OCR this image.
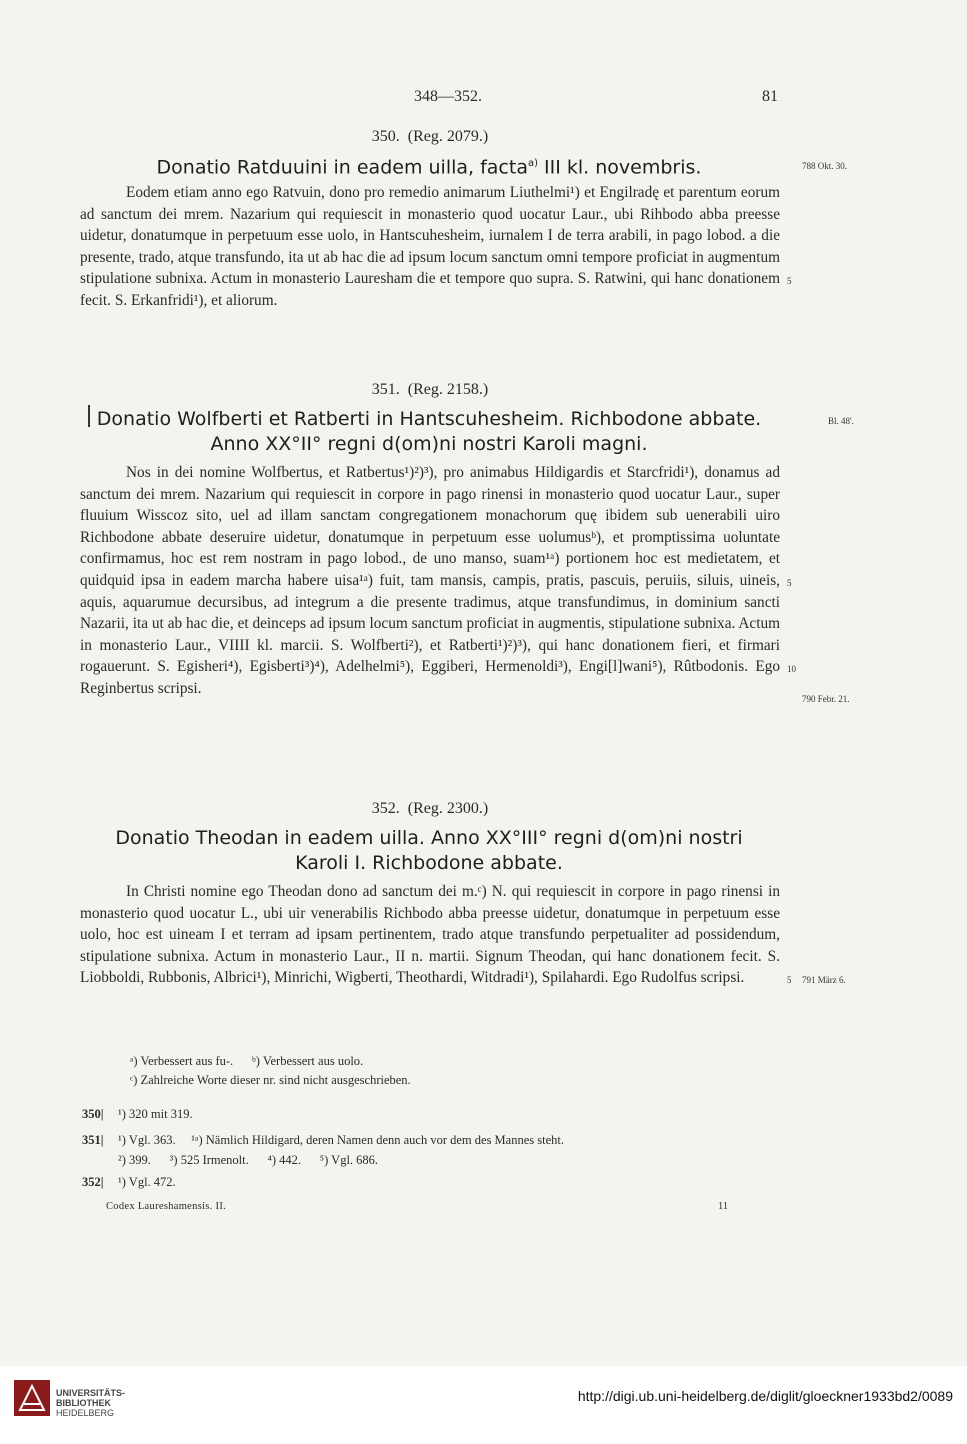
348—352.	81
350. (Reg. 2079.)
Donatio Ratduuini in eadem uilla, facta$^{a)}$ III kl. novembris.	788 Okt. 30.

Eodem etiam anno ego Ratvuin, dono pro remedio animarum Liuthelmi¹) et Engilradę et parentum eorum ad sanctum dei mrem. Nazarium qui requiescit in monasterio quod uocatur Laur., ubi Rihbodo abba preesse uidetur, donatumque in perpetuum esse uolo, in Hantscuhesheim, iurnalem I de terra arabili, in pago lobod. a die presente, trado, atque transfundo, ita ut ab hac die ad ipsum locum sanctum omni tempore proficiat in augmentum stipulatione subnixa. Actum in monasterio Lauresham die et tempore quo supra. S. Ratwini, qui hanc donationem fecit. S. Erkanfridi¹), et aliorum.

5
351. (Reg. 2158.)
Donatio Wolfberti et Ratberti in Hantscuhesheim. Richbodone abbate.
Anno XX°II° regni d(om)ni nostri Karoli magni.
Bl. 48'.

Nos in dei nomine Wolfbertus, et Ratbertus¹)²)³), pro animabus Hildigardis et Starcfridi¹), donamus ad sanctum dei mrem. Nazarium qui requiescit in corpore in pago rinensi in monasterio quod uocatur Laur., super fluuium Wisscoz sito, uel ad illam sanctam congregationem monachorum quę ibidem sub uenerabili uiro Richbodone abbate deseruire uidetur, donatumque in perpetuum esse uolumusᵇ), et promptissima uoluntate confirmamus, hoc est rem nostram in pago lobod., de uno manso, suam¹ᵃ) portionem hoc est medietatem, et quidquid ipsa in eadem marcha habere uisa¹ᵃ) fuit, tam mansis, campis, pratis, pascuis, peruiis, siluis, uineis, aquis, aquarumue decursibus, ad integrum a die presente tradimus, atque transfundimus, in dominium sancti Nazarii, ita ut ab hac die, et deinceps ad ipsum locum sanctum proficiat in augmentis, stipulatione subnixa. Actum in monasterio Laur., VIIII kl. marcii. S. Wolfberti²), et Ratberti¹)²)³), qui hanc donationem fieri, et firmari rogauerunt. S. Egisheri⁴), Egisberti³)⁴), Adelhelmi⁵), Eggiberi, Hermenoldi³), Engi[l]wani⁵), Rûtbodonis. Ego Reginbertus scripsi.

5
10
790 Febr. 21.
352. (Reg. 2300.)
Donatio Theodan in eadem uilla. Anno XX°III° regni d(om)ni nostri
Karoli I. Richbodone abbate.

In Christi nomine ego Theodan dono ad sanctum dei m.ᶜ) N. qui requiescit in corpore in pago rinensi in monasterio quod uocatur L., ubi uir venerabilis Richbodo abba preesse uidetur, donatumque in perpetuum esse uolo, hoc est uineam I et terram ad ipsam pertinentem, trado atque transfundo perpetualiter ad possidendum, stipulatione subnixa. Actum in monasterio Laur., II n. martii. Signum Theodan, qui hanc donationem fecit. S. Liobboldi, Rubbonis, Albrici¹), Minrichi, Wigberti, Theothardi, Witdradi¹), Spilahardi. Ego Rudolfus scripsi.	5 791 März 6.
ᵃ) Verbessert aus fu-.      ᵇ) Verbessert aus uolo.
ᶜ) Zahlreiche Worte dieser nr. sind nicht ausgeschrieben.
350| ¹) 320 mit 319.
351| ¹) Vgl. 363.     ¹ᵃ) Nämlich Hildigard, deren Namen denn auch vor dem des Mannes steht.
²) 399.      ³) 525 Irmenolt.      ⁴) 442.      ⁵) Vgl. 686.
352| ¹) Vgl. 472.
Codex Laureshamensis. II.	11
UNIVERSITÄTS-
BIBLIOTHEK
HEIDELBERG
http://digi.ub.uni-heidelberg.de/diglit/gloeckner1933bd2/0089
